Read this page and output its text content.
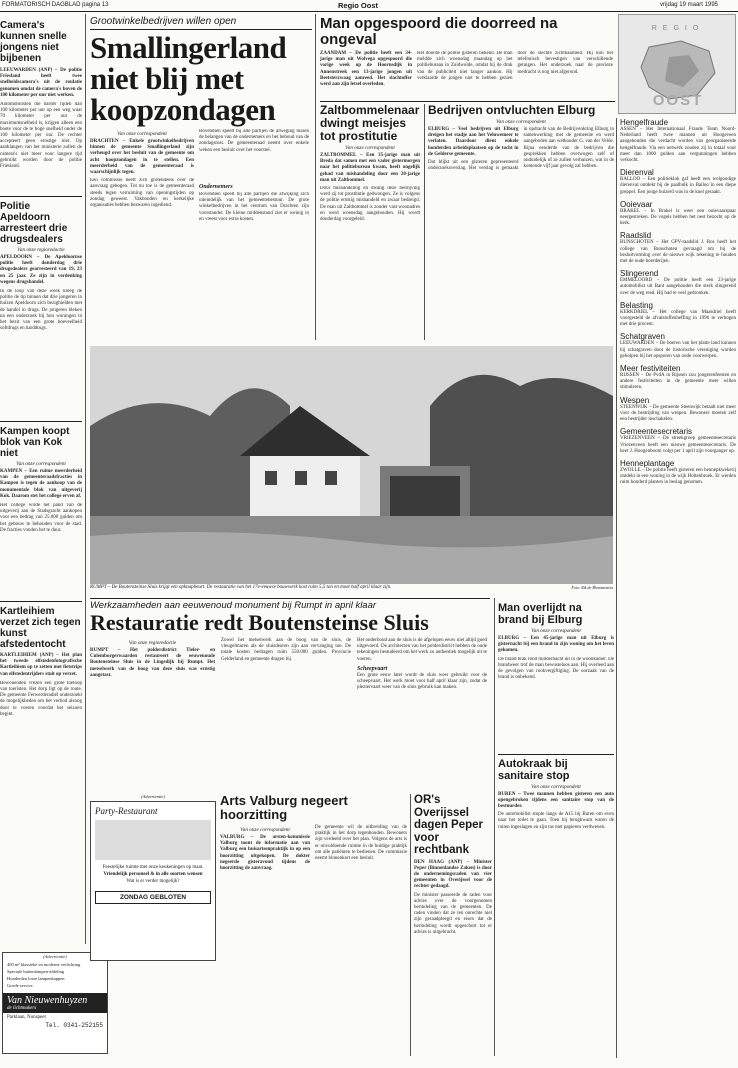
FORMATORISCH DAGBLAD pagina 13	Regio Oost	vrijdag 19 maart 1995
Camera's kunnen snelle jongens niet bijbenen
LEEUWARDEN (ANP) – De politie Friesland heeft twee snelheidscamera's uit de roulatie genomen omdat de camera's boven de 100 kilometer per uur niet werken.
Automobilisten die harder rijden dan 100 kilometer per uur op een weg waar 70 kilometer per uur de maximumsnelheid is, krijgen alleen een boete voor de te hoge snelheid onder de 100 kilometer per uur. De rechter accepteert geen ernstige niet. Op aanklangen van het ministerie zullen de camera's niet meer voor langere tijd gebruikt worden door de politie Friesland.
Politie Apeldoorn arresteert drie drugsdealers
Van onze regioredactie
APELDOORN – De Apeldoornse politie heeft donderdag drie drugsdealers gearresteerd van 19, 23 en 25 jaar. Ze zijn in verdenking wegens drugshandel.
In de loop van deze week kreeg de politie de tip binnen dat drie jongeren in huizen Apeldoorn zich bezighielden met de handel in drugs. De jongeren bleken na een onderzoek bij hun woningen in het bezit van een grote hoeveelheid softdrugs en harddrugs.
Kampen koopt blok van Kok niet
Van onze correspondent
KAMPEN – Een ruime meerderheid van de gemeenteraadsfracties in Kampen is tegen de aankoop van de monumentale blok van uitgeverij Kok. Daarom stet het college erven af.
Het college wilde het pand van de uitgeverij aan de Stadsgracht aankopen voor een bedrag van 25.000 gulden om het gebouw te behouden voor de stad. De fracties vonden het te duur.
Kartleihiem verzet zich tegen kunst afstedentocht
KARTLEIHIEM (ANP) – Het plan het tweede elfstedenfotografische Kartleihiem op te zetten met fietstrips van elfstedentrijders stuit op verzet.
Bewonenden vrezen een grote toeloop van toeristen. Het dorp ligt op de route. De gemeente Ferwerderadiel onderzoekt de mogelijkheden om het verbod alsnog door te voeren voordat het seizoen begint.
(Advertentie)
400 m² klassieke en moderne verlichting
Speciale buitenlampen-afdeling
Honderden losse lampenkappen
Goede service
Van Nieuwenhuyzen
de lichtmakers
Parklaan, Nunspeet
Tel. 0341-252155
Grootwinkelbedrijven willen open
Smallingerland niet blij met koopzondagen
Van onze correspondent
DRACHTEN – Enkele grootwinkelbedrijven binnen de gemeente Smallingerland zijn verheugd over het besluit van de gemeente om acht koopzondagen in te stellen. Een meerderheid van de gemeenteraad is waarschijnlijk tegen.
Een commissie heeft zich grotendeels over de aanvraag gebogen. Tot nu toe is de gemeenteraad steeds tegen verruiming van openingstijden op zondag geweest. Vakbonden en kerkelijke organisaties hebben bezwaren ingediend.
Bovendien speelt bij alle partijen de afweging tussen de belangen van de ondernemers en het behoud van de zondagsrust. De gemeenteraad neemt over enkele weken een besluit over het voorstel.
Ondernemers
Bovendien speelt bij alle partijen die afwijking zich uiteindelijk van het gemeentebestuur. De grote winkelbedrijven in het centrum van Drachten zijn voorstander. De kleine middenstand ziet er weinig in en vreest voor extra kosten.
Man opgespoord die doorreed na ongeval
ZAANDAM – De politie heeft een 34-jarige man uit Wolvega opgespoord die vorige week op de Hoornsdijk in Annenstreek een 13-jarige jongen uit Beetsterzwaag aanreed. Het slachtoffer werd aan zijn letsel overleden.
Het doorde de politie gisteren bekend. De man meldde zich woensdag maandag op het politiebureau in Zuidwolde, omdat hij de druk van de publiciteit niet langer aankon. Hij verklaarde de jongen niet te hebben gezien door de slechte zichtbaarheid. Hij kon het telefonisch bevestigen van verschillende getuigen. Het onderzoek naar de precieze toedracht is nog niet afgerond.
REGIO
OOST
Zaltbommelenaar dwingt meisjes tot prostitutie
Van onze correspondent
ZALTBOMMEL – Een 35-jarige man uit Breda dat samen met een vader gistermorgen naar het politiebureau kwam, heeft ongelijk gehad van mishandeling door een 20-jarige man uit Zaltbommel.
Door mishandeling en dwang deze bedrijving werd zij tot prostitutie gedwongen. Ze is volgens de politie ernstig mishandeld en zwaar bedreigd. De man uit Zaltbommel is zonder vast woonadres en werd woensdag aangehouden. Hij wordt donderdag voorgeleid.
Bedrijven ontvluchten Elburg
Van onze correspondent
ELBURG – Veel bedrijven uit Elburg dreigen het stadje aan het Veluwemeer te verlaten. Daardoor dient enkele honderden arbeidsplaatsen op de tocht in de Gelderse gemeente.
Dat blijkt uit een gisteren gepresenteerd onderzoeksverslag. Het verslag is gemaakt in opdracht van de Bedrijvenkring Elburg in samenwerking met de gemeente en werd aangeboden aan wethouder G. van der Velde. Bijna eenderde van de bedrijven die gesprekken hebben overwogen zelf of onduidelijk of ze zullen verhuizen, wat in de komende vijf jaar gevolg zal hebben.
Hengelfraude
ASSEN – Het Internationaal Fraude Team Noord-Nederland heeft twee mannen uit Hoogeveen aangehouden die verdacht worden van georganiseerde hengelfraude. Via een netwerk zouden zij in totaal voor meer dan 1000 gulden aan vergunningen hebben verkocht.
Dierenval
BALLOO – Een politieklok gaf heeft een wolgoudige dierenval ontdekt bij de paalhulk in Balloo in een diepe greppel. Een jonge buizerd was in de knel geraakt.
Ooievaar
BRAKEL – In Brakel is weer een ooievaarspaar neergestreken. De vogels hebben het nest bezocht op de kerk.
Raadslid
BUNSCHOTEN – Het GPV-raadslid J. Bos heeft het college van Bunschoten gevraagd om bij de besluitvorming over de nieuwe wijk rekening te houden met de oude boerderijen.
Slingerend
EMMELOORD – De politie heeft een 23-jarige automobilist uit Bant aangehouden die sterk slingerend over de weg reed. Hij had te veel gedronken.
Belasting
KERKDRIEL – Het college van Maasdriel heeft voorgesteld de afvalstoffenheffing in 1996 te verhogen met drie procent.
Schatgraven
LEEUWARDEN – De boeren van het platte land kunnen bij schatgraven door de historische vereniging worden geholpen bij het opsporen van oude voorwerpen.
Meer festiviteiten
RIJSSEN – De PvdA in Rijssen zou jongerenfeesten en andere festiviteiten in de gemeente meer willen stimuleren.
Wespen
STEENWIJK – De gemeente Steenwijk betaalt niet meer voor de bestrijding van wespen. Bewoners moeten zelf een bestrijder inschakelen.
Gemeentesecretaris
VRIEZENVEEN – De streekgroep gemeentesecretaris Vriezenveen heeft een nieuwe gemeentesecretaris. De heer J. Hoogenboom volgt per 1 april zijn voorganger op.
Henneplantage
ZWOLLE – De politie heeft gisteren een hennepkwekerij ontdekt in een woning in de wijk Holtenbroek. Er werden ruim honderd planten in beslag genomen.
RUMPT – De Boutensteinse Sluis krijgt een opknapbeurt. De restauratie van het 17e-eeuwse bouwwerk kost ruim 5,5 ton en moet half april klaar zijn.	Foto: Rik de Blommestein
Werkzaamheden aan eeuwenoud monument bij Rumpt in april klaar
Restauratie redt Boutensteinse Sluis
Van onze regioredactie
RUMPT – Het polderdistrict Tieler- en Culemborgerwaarden restaureert de eeuwenoude Boutensteinse Sluis in de Lingedijk bij Rumpt. Het metselwerk van de boog van deze sluis was ernstig aangetast.
Zowel het metselwerk aan de boog van de sluis, de vleugelmuren als de sluisdeuren zijn aan vervanging toe. De totale kosten bedragen ruim 550.000 gulden. Provincie Gelderland en gemeente dragen bij.
Het onderhoud aan de sluis is de afgelopen eeuw niet altijd goed uitgevoerd. De architecten van het polderdistrict hebben de oude tekeningen bestudeerd om het werk zo authentiek mogelijk uit te voeren.
Scheepvaart
Een grote eeuw later wordt de sluis weer gebruikt voor de scheepvaart. Het werk moet voor half april klaar zijn, zodat de pleziervaart weer van de sluis gebruik kan maken.
(Advertentie)
Party-Restaurant
Feestelijke ruimte met onze keukeningen op maat.
Vriendelijk personeel & in alle soorten wensen
Wat is er verder mogelijk?
ZONDAG GEBLOTEN
Arts Valburg negeert hoorzitting
Van onze correspondent
VALBURG – De arsten-kommissie Valburg toont de informatie aan van Valburg een huisartsenpraktijk in op een hoorzitting uitgekopen. De dokter negeerde gisteravond tijdens de hoorzitting de aanvraag.
De gemeente wil de uitbreiding van de praktijk in het dorp tegenhouden. Bewoners zijn verdeeld over het plan. Volgens de arts is er onvoldoende ruimte in de huidige praktijk om alle patiënten te bedienen. De commissie neemt binnenkort een besluit.
OR's Overijssel dagen Peper voor rechtbank
DEN HAAG (ANP) – Minister Peper (Binnenlandse Zaken) is door de ondernemingsraden van vier gemeenten in Overijssel voor de rechter gedaagd.
De minister passeerde de raden voor advies over de voorgenomen herindeling van de gemeenten. De raden vinden dat ze ten onrechte niet zijn geraadpleegd en eisen dat de herindeling wordt opgeschort tot er advies is uitgebracht.
Man overlijdt na brand bij Elburg
Van onze correspondent
ELBURG – Een 45-jarige man uit Elburg is gisternacht bij een brand in zijn woning om het leven gekomen.
De brand brak rond middernacht uit in de woonkamer. De brandweer trof de man bewusteloos aan. Hij overleed aan de gevolgen van rookvergiftiging. De oorzaak van de brand is onbekend.
Autokraak bij sanitaire stop
Van onze correspondent
BUREN – Twee mannen hebben gisteren een auto opengebroken tijdens een sanitaire stop van de bestuurder.
De automobilist stopte langs de A15 bij Buren om even naar het toilet te gaan. Toen hij terugkwam waren de ruiten ingeslagen en zijn tas met papieren verdwenen.
